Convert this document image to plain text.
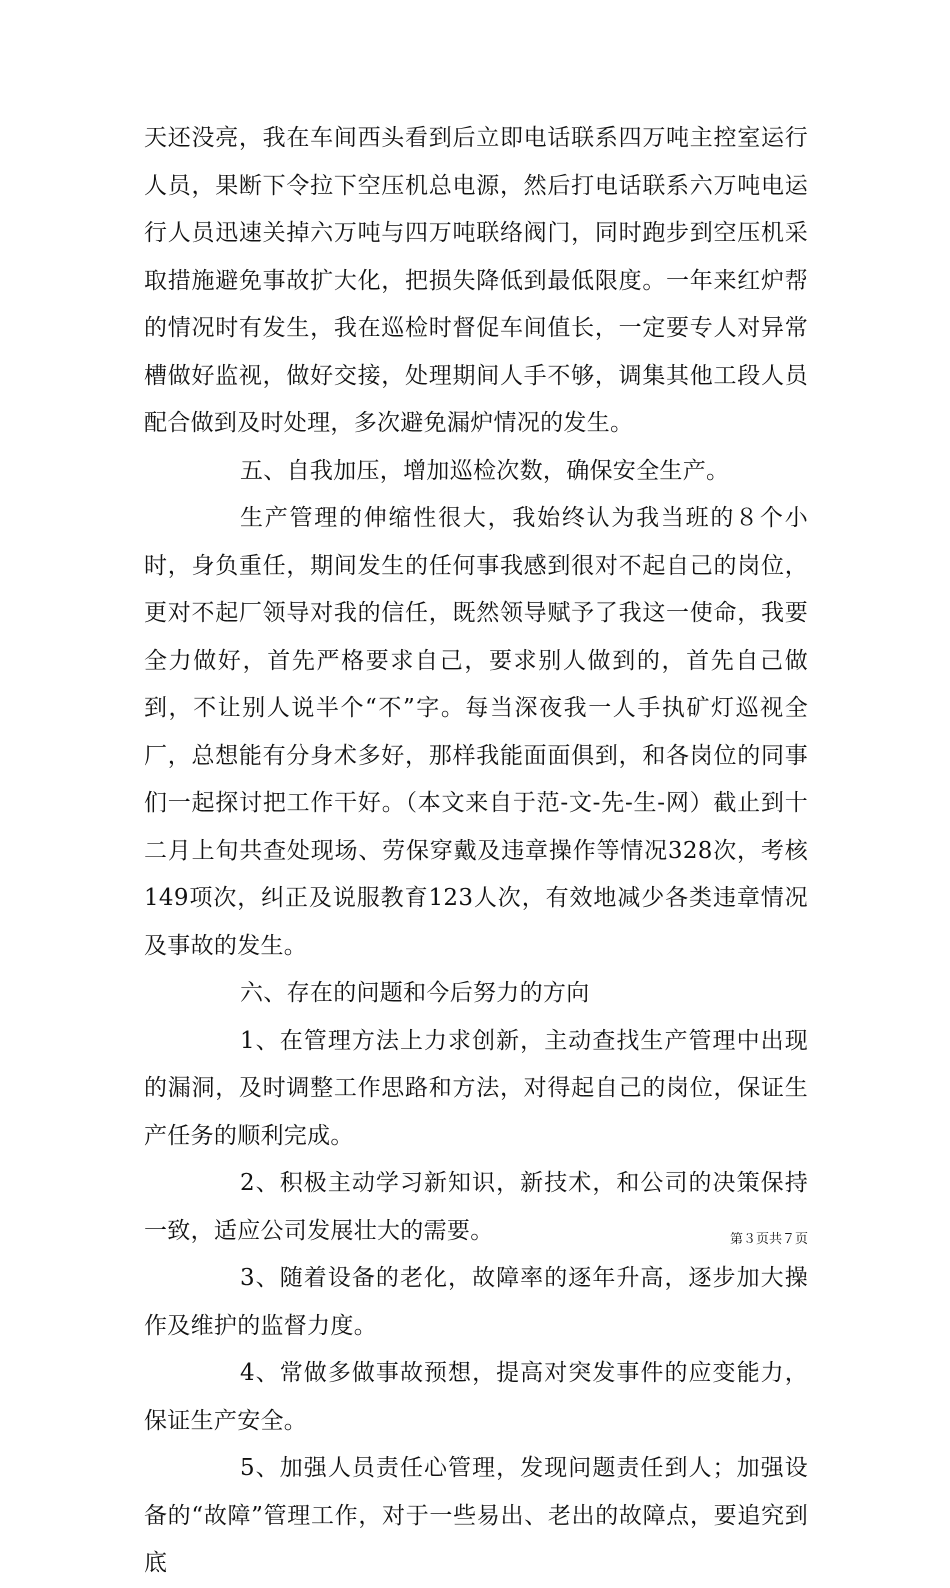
天还没亮，我在车间西头看到后立即电话联系四万吨主控室运行人员，果断下令拉下空压机总电源，然后打电话联系六万吨电运行人员迅速关掉六万吨与四万吨联络阀门，同时跑步到空压机采取措施避免事故扩大化，把损失降低到最低限度。一年来红炉帮的情况时有发生，我在巡检时督促车间值长，一定要专人对异常槽做好监视，做好交接，处理期间人手不够，调集其他工段人员配合做到及时处理，多次避免漏炉情况的发生。

五、自我加压，增加巡检次数，确保安全生产。

生产管理的伸缩性很大，我始终认为我当班的８个小时，身负重任，期间发生的任何事我感到很对不起自己的岗位，更对不起厂领导对我的信任，既然领导赋予了我这一使命，我要全力做好，首先严格要求自己，要求别人做到的，首先自己做到，不让别人说半个“不”字。每当深夜我一人手执矿灯巡视全厂，总想能有分身术多好，那样我能面面俱到，和各岗位的同事们一起探讨把工作干好。（本文来自于范-文-先-生-网）截止到十二月上旬共查处现场、劳保穿戴及违章操作等情况328次，考核149项次，纠正及说服教育123人次，有效地减少各类违章情况及事故的发生。

六、存在的问题和今后努力的方向

1、在管理方法上力求创新，主动查找生产管理中出现的漏洞，及时调整工作思路和方法，对得起自己的岗位，保证生产任务的顺利完成。

2、积极主动学习新知识，新技术，和公司的决策保持一致，适应公司发展壮大的需要。

3、随着设备的老化，故障率的逐年升高，逐步加大操作及维护的监督力度。

4、常做多做事故预想，提高对突发事件的应变能力，保证生产安全。

5、加强人员责任心管理，发现问题责任到人；加强设备的“故障”管理工作，对于一些易出、老出的故障点，要追究到底

第３页共７页
